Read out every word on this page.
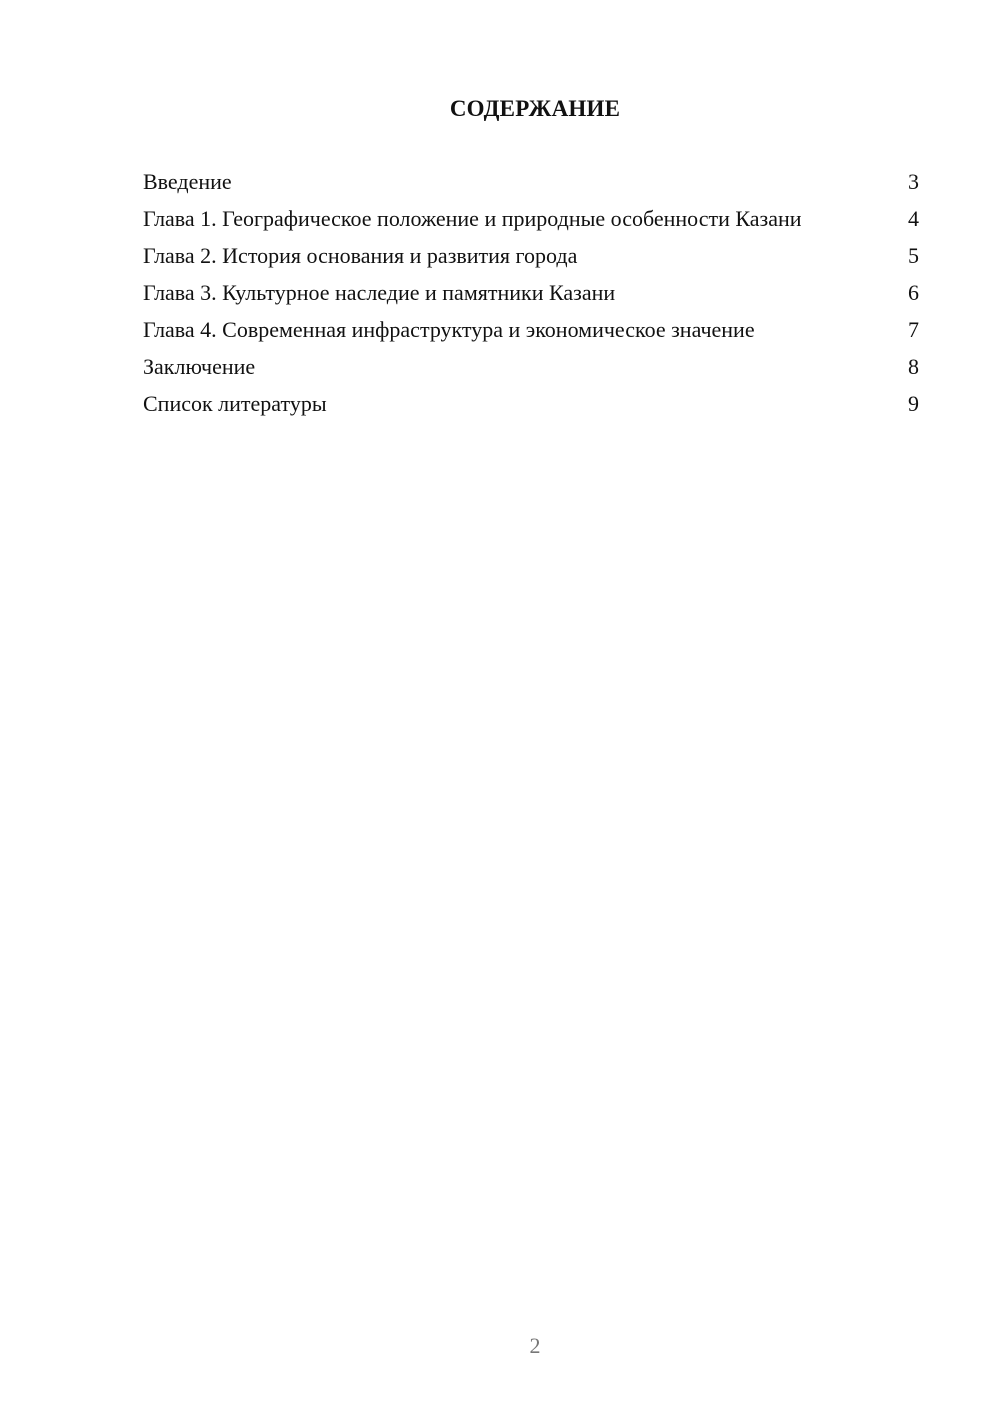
СОДЕРЖАНИЕ
Введение	3
Глава 1. Географическое положение и природные особенности Казани	4
Глава 2. История основания и развития города	5
Глава 3. Культурное наследие и памятники Казани	6
Глава 4. Современная инфраструктура и экономическое значение	7
Заключение	8
Список литературы	9
2
